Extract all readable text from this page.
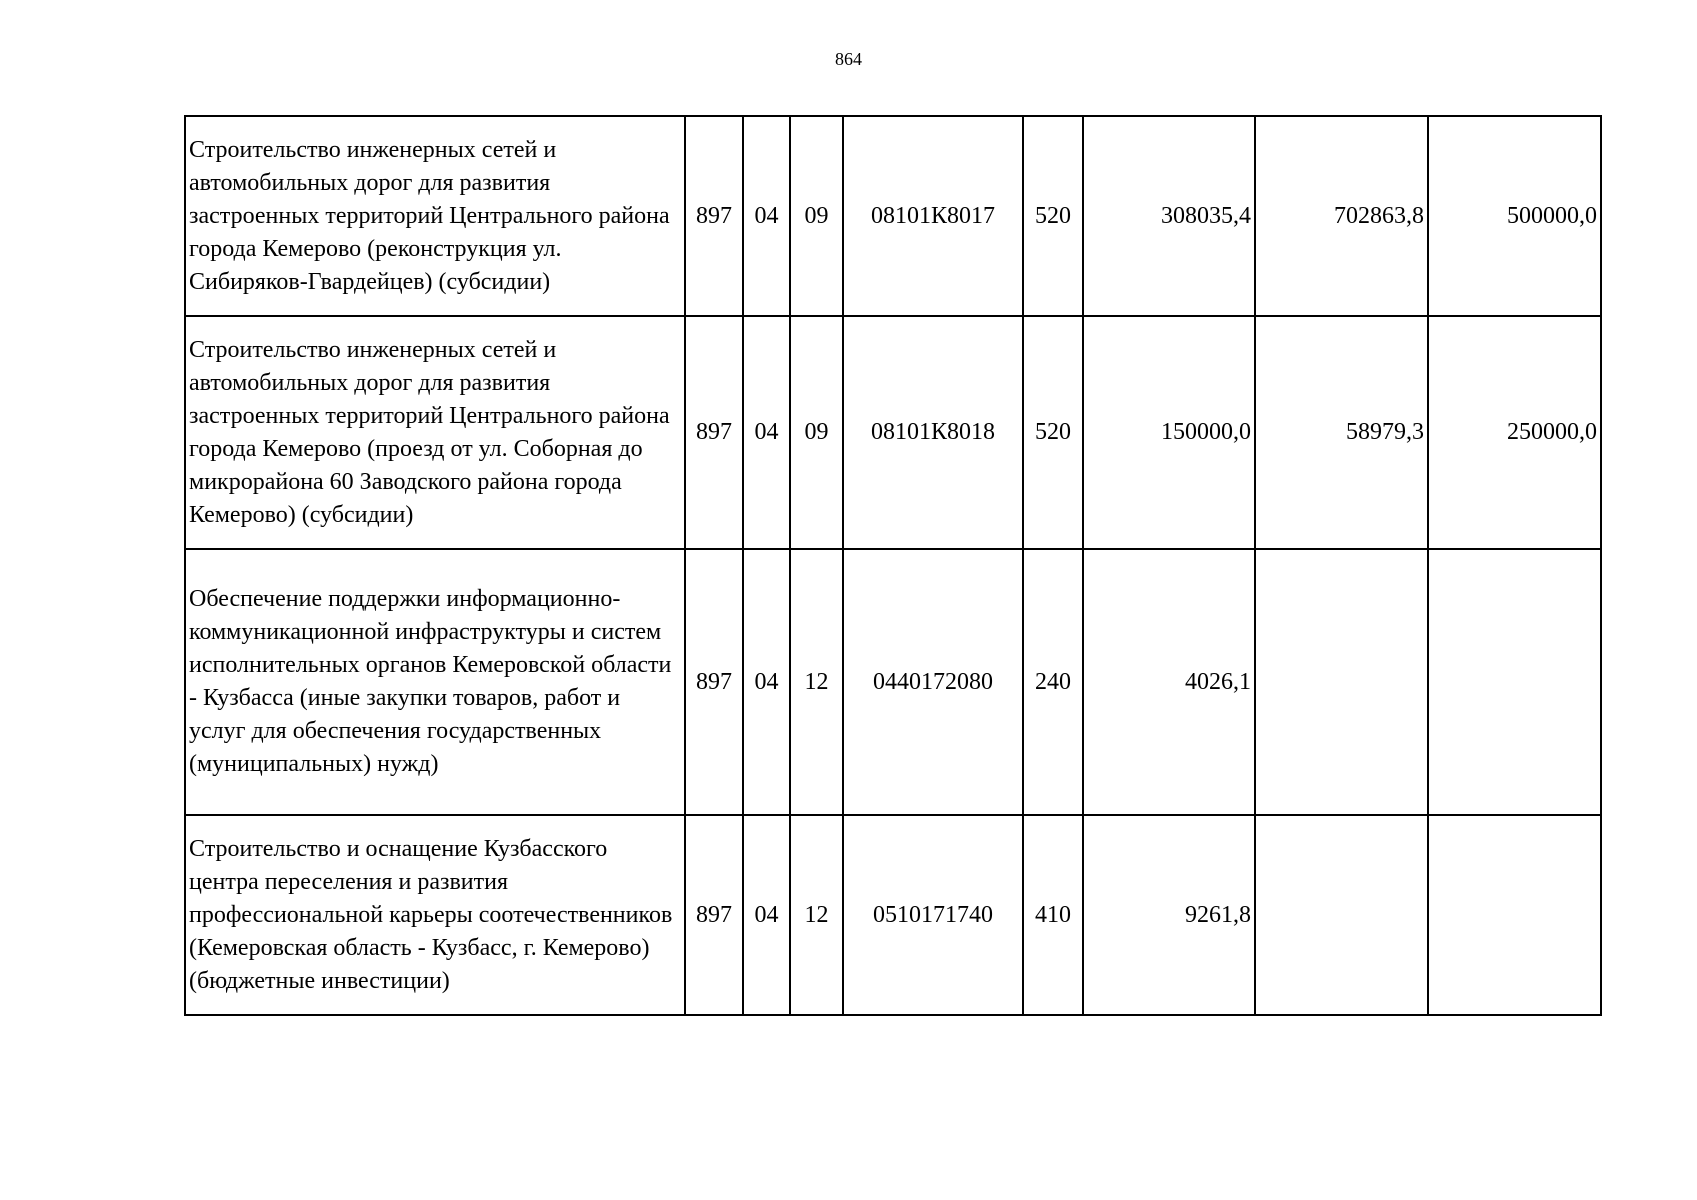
864
Строительство инженерных сетей и автомобильных дорог для развития застроенных территорий Центрального района города Кемерово (реконструкция ул. Сибиряков-Гвардейцев) (субсидии)	897	04	09	08101К8017	520	308035,4	702863,8	500000,0
Строительство инженерных сетей и автомобильных дорог для развития застроенных территорий Центрального района города Кемерово (проезд от ул. Соборная до микрорайона 60 Заводского района города Кемерово) (субсидии)	897	04	09	08101К8018	520	150000,0	58979,3	250000,0
Обеспечение поддержки информационно-коммуникационной инфраструктуры и систем исполнительных органов Кемеровской области - Кузбасса (иные закупки товаров, работ и услуг для обеспечения государственных (муниципальных) нужд)	897	04	12	0440172080	240	4026,1		
Строительство и оснащение Кузбасского центра переселения и развития профессиональной карьеры соотечественников (Кемеровская область - Кузбасс, г. Кемерово) (бюджетные инвестиции)	897	04	12	0510171740	410	9261,8		
